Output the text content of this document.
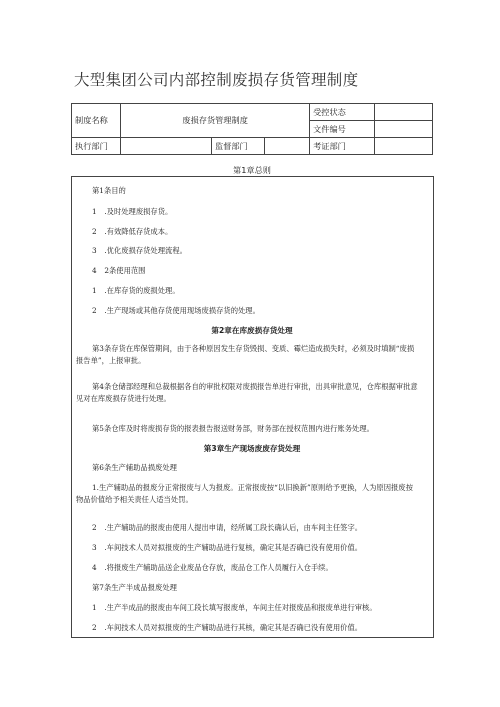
大型集团公司内部控制废损存货管理制度
制度名称	废损存货管理制度			受控状态	
				文件编号	
执行部门		监督部门		考证部门	
第1章总则
第1条目的
1 .及时处理废损存货。
2 .有效降低存货成本。
3 .优化废损存货处理流程。
4 2条使用范围
1 .在库存货的废损处理。
2 .生产现场或其他存货使用现场废损存货的处理。
第2章在库废损存货处理
第3条存货在库保管期间，由于各种原因发生存货毁损、变质、霉烂造成损失时，必须及时填制“废损报告单”，上报审批。
第4条仓储部经理和总裁根据各自的审批权限对废损报告单进行审批，出具审批意见，仓库根据审批意见对在库废损存货进行处理。
第5条仓库及时将废损存货的报表报告报送财务部，财务部在授权范围内进行账务处理。
第3章生产现场废废存货处理
第6条生产辅助品损废处理
1.生产辅助品的报废分正常报废与人为报废。正常报废按“以旧换新”原则给予更换，人为原因报废按物品价值给予相关责任人适当处罚。
2 .生产辅助品的报废由使用人提出申请，经所属工段长确认后，由车间主任签字。
3 .车间技术人员对拟报废的生产辅助品进行复核，确定其是否确已没有使用价值。
4 .将报废生产辅助品送企业废品仓存放，废品仓工作人员履行入仓手续。
第7条生产半成品报废处理
1 .生产半成品的报废由车间工段长填写报废单，车间主任对报废品和报废单进行审核。
2 .车间技术人员对拟报废的生产辅助品进行其核，确定其是否确已没有使用价值。
